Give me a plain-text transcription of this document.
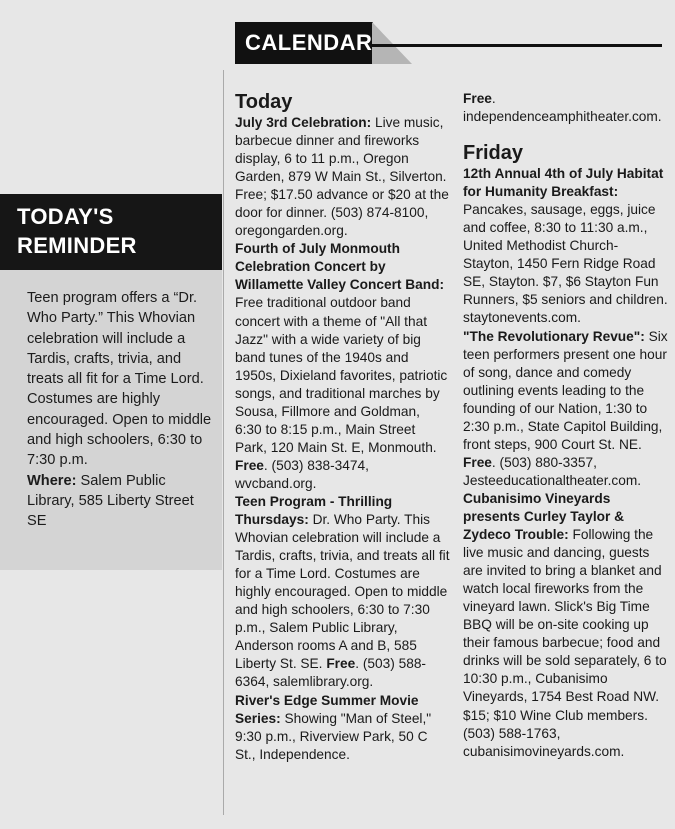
CALENDAR
TODAY'S
REMINDER

Teen program offers a “Dr. Who Party.” This Whovian celebration will include a Tardis, crafts, trivia, and treats all fit for a Time Lord. Costumes are highly encouraged. Open to middle and high schoolers, 6:30 to 7:30 p.m.

Where: Salem Public Library, 585 Liberty Street SE

Today

July 3rd Celebration: Live music, barbecue dinner and fireworks display, 6 to 11 p.m., Oregon Garden, 879 W Main St., Silverton. Free; $17.50 advance or $20 at the door for dinner. (503) 874-8100, oregongarden.org.

Fourth of July Monmouth Celebration Concert by Willamette Valley Concert Band: Free traditional outdoor band concert with a theme of "All that Jazz" with a wide variety of big band tunes of the 1940s and 1950s, Dixieland favorites, patriotic songs, and traditional marches by Sousa, Fillmore and Goldman, 6:30 to 8:15 p.m., Main Street Park, 120 Main St. E, Monmouth. Free. (503) 838-3474, wvcband.org.

Teen Program - Thrilling Thursdays: Dr. Who Party. This Whovian celebration will include a Tardis, crafts, trivia, and treats all fit for a Time Lord. Costumes are highly encouraged. Open to middle and high schoolers, 6:30 to 7:30 p.m., Salem Public Library, Anderson rooms A and B, 585 Liberty St. SE. Free. (503) 588-6364, salemlibrary.org.

River's Edge Summer Movie Series: Showing "Man of Steel," 9:30 p.m., Riverview Park, 50 C St., Independence.

Free. independenceamphitheater.com.

Friday

12th Annual 4th of July Habitat for Humanity Breakfast: Pancakes, sausage, eggs, juice and coffee, 8:30 to 11:30 a.m., United Methodist Church-Stayton, 1450 Fern Ridge Road SE, Stayton. $7, $6 Stayton Fun Runners, $5 seniors and children. staytonevents.com.

"The Revolutionary Revue": Six teen performers present one hour of song, dance and comedy outlining events leading to the founding of our Nation, 1:30 to 2:30 p.m., State Capitol Building, front steps, 900 Court St. NE. Free. (503) 880-3357, Jesteeducationaltheater.com.

Cubanisimo Vineyards presents Curley Taylor & Zydeco Trouble: Following the live music and dancing, guests are invited to bring a blanket and watch local fireworks from the vineyard lawn. Slick's Big Time BBQ will be on-site cooking up their famous barbecue; food and drinks will be sold separately, 6 to 10:30 p.m., Cubanisimo Vineyards, 1754 Best Road NW. $15; $10 Wine Club members. (503) 588-1763, cubanisimovineyards.com.
